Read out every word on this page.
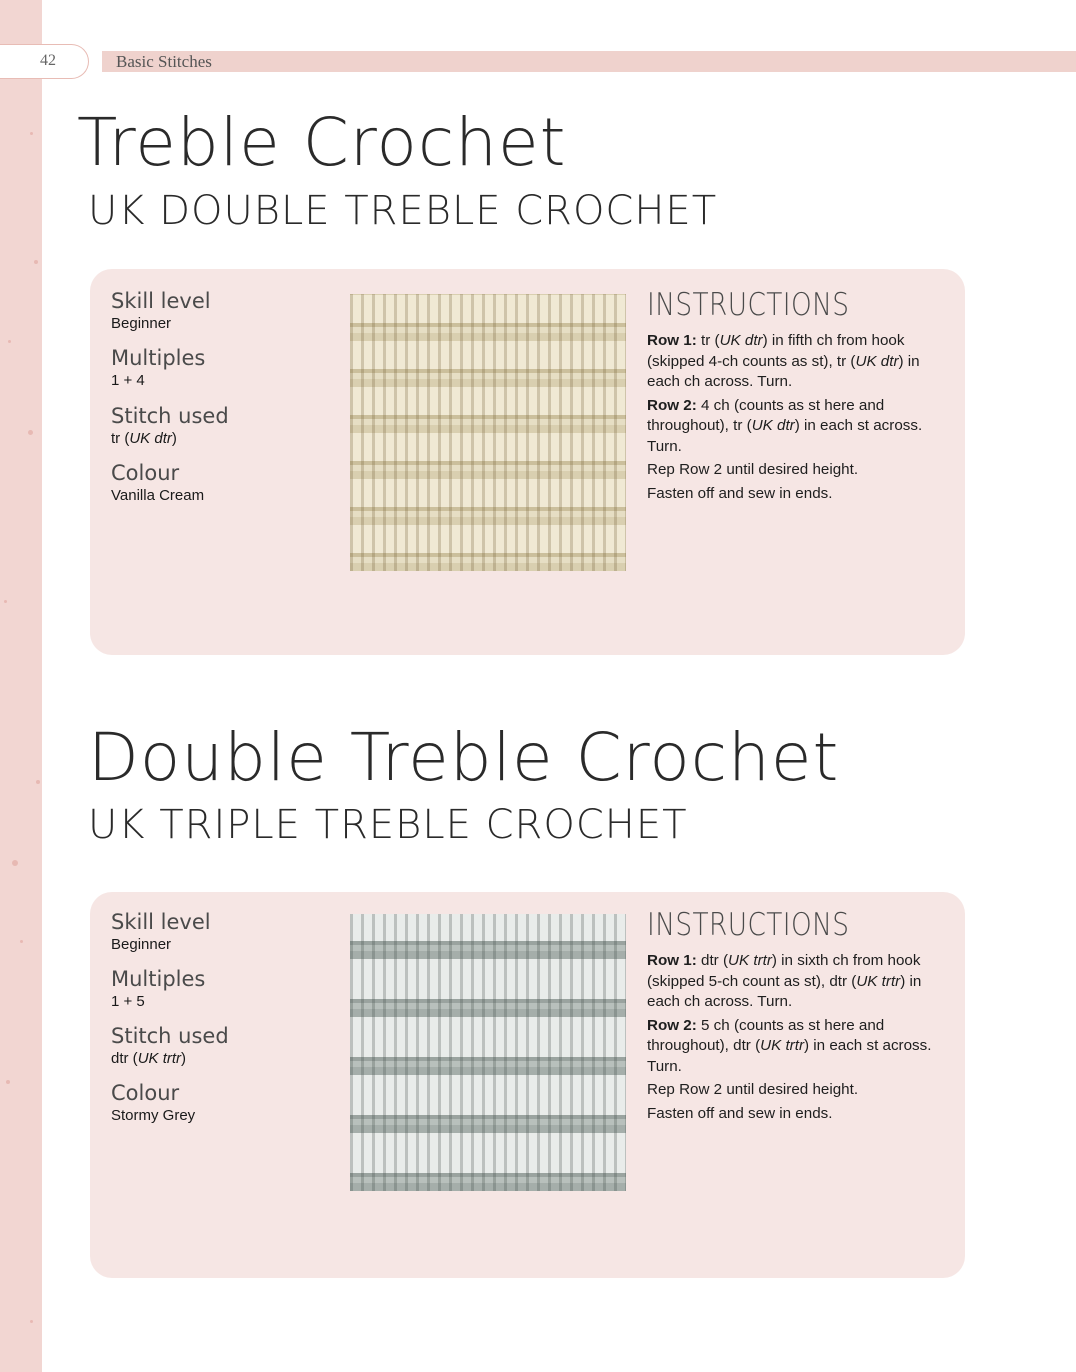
42	Basic Stitches
Treble Crochet
UK DOUBLE TREBLE CROCHET
Skill level
Beginner
Multiples
1 + 4
Stitch used
tr (UK dtr)
Colour
Vanilla Cream
INSTRUCTIONS

Row 1: tr (UK dtr) in fifth ch from hook (skipped 4-ch counts as st), tr (UK dtr) in each ch across. Turn.

Row 2: 4 ch (counts as st here and throughout), tr (UK dtr) in each st across. Turn.

Rep Row 2 until desired height.

Fasten off and sew in ends.

Double Treble Crochet
UK TRIPLE TREBLE CROCHET
Skill level
Beginner
Multiples
1 + 5
Stitch used
dtr (UK trtr)
Colour
Stormy Grey
INSTRUCTIONS

Row 1: dtr (UK trtr) in sixth ch from hook (skipped 5-ch count as st), dtr (UK trtr) in each ch across. Turn.

Row 2: 5 ch (counts as st here and throughout), dtr (UK trtr) in each st across. Turn.

Rep Row 2 until desired height.

Fasten off and sew in ends.
